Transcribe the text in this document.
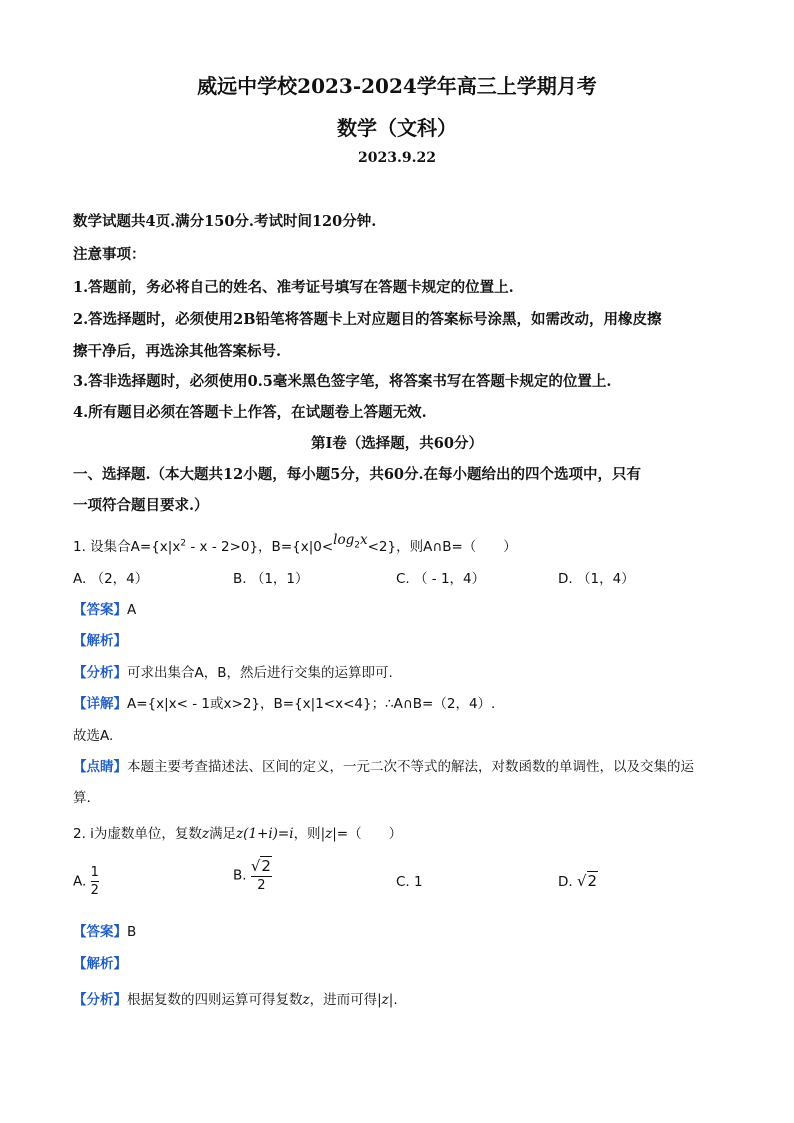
威远中学校2023-2024学年高三上学期月考
数学（文科）
2023.9.22
数学试题共4页.满分150分.考试时间120分钟.
注意事项：
1.答题前，务必将自己的姓名、准考证号填写在答题卡规定的位置上.
2.答选择题时，必须使用2B铅笔将答题卡上对应题目的答案标号涂黑，如需改动，用橡皮擦
擦干净后，再选涂其他答案标号.
3.答非选择题时，必须使用0.5毫米黑色签字笔，将答案书写在答题卡规定的位置上.
4.所有题目必须在答题卡上作答，在试题卷上答题无效.
第I卷（选择题，共60分）
一、选择题.（本大题共12小题，每小题5分，共60分.在每小题给出的四个选项中，只有
一项符合题目要求.）
1. 设集合$A=\{x|x^2 - x - 2>0\}$，$B=\{x|0<\log_2x<2\}$，则A∩B=（　　）
A. （2，4）	B. （1，1）	C. （ - 1，4）	D. （1，4）
【答案】A
【解析】
【分析】可求出集合A，B，然后进行交集的运算即可.
【详解】A={x|x< - 1或x>2}，B={x|1<x<4}；∴A∩B=（2，4）.
故选A.
【点睛】本题主要考查描述法、区间的定义，一元二次不等式的解法，对数函数的单调性，以及交集的运
算.
2. i为虚数单位，复数z满足z(1+i)=i，则|z|=（　　）
A. $\frac{1}{2}$	B. $\frac{√2}{2}$	C. 1	D. √2
【答案】B
【解析】
【分析】根据复数的四则运算可得复数z，进而可得|z|.
